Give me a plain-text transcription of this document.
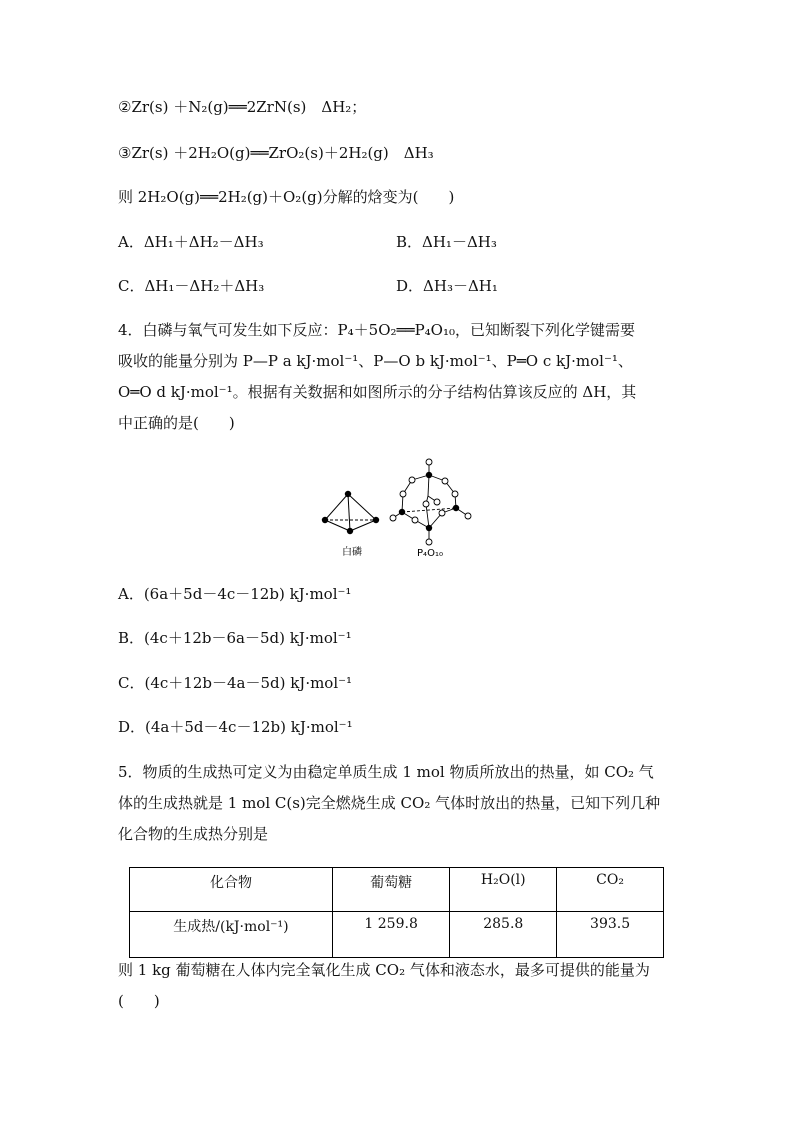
②Zr(s) ＋N₂(g)══2ZrN(s)　ΔH₂；
③Zr(s) ＋2H₂O(g)══ZrO₂(s)＋2H₂(g)　ΔH₃
则 2H₂O(g)══2H₂(g)＋O₂(g)分解的焓变为(　　)
A．ΔH₁＋ΔH₂－ΔH₃	B．ΔH₁－ΔH₃
C．ΔH₁－ΔH₂＋ΔH₃	D．ΔH₃－ΔH₁
4．白磷与氧气可发生如下反应：P₄＋5O₂══P₄O₁₀，已知断裂下列化学键需要
吸收的能量分别为 P—P a kJ·mol⁻¹、P—O b kJ·mol⁻¹、P═O c kJ·mol⁻¹、
O═O d kJ·mol⁻¹。根据有关数据和如图所示的分子结构估算该反应的 ΔH，其
中正确的是(　　)
白磷	P₄O₁₀
A．(6a＋5d－4c－12b) kJ·mol⁻¹
B．(4c＋12b－6a－5d) kJ·mol⁻¹
C．(4c＋12b－4a－5d) kJ·mol⁻¹
D．(4a＋5d－4c－12b) kJ·mol⁻¹
5．物质的生成热可定义为由稳定单质生成 1 mol 物质所放出的热量，如 CO₂ 气
体的生成热就是 1 mol C(s)完全燃烧生成 CO₂ 气体时放出的热量，已知下列几种
化合物的生成热分别是
化合物	葡萄糖	H₂O(l)	CO₂
生成热/(kJ·mol⁻¹)	1 259.8	285.8	393.5
则 1 kg 葡萄糖在人体内完全氧化生成 CO₂ 气体和液态水，最多可提供的能量为
(　　)
